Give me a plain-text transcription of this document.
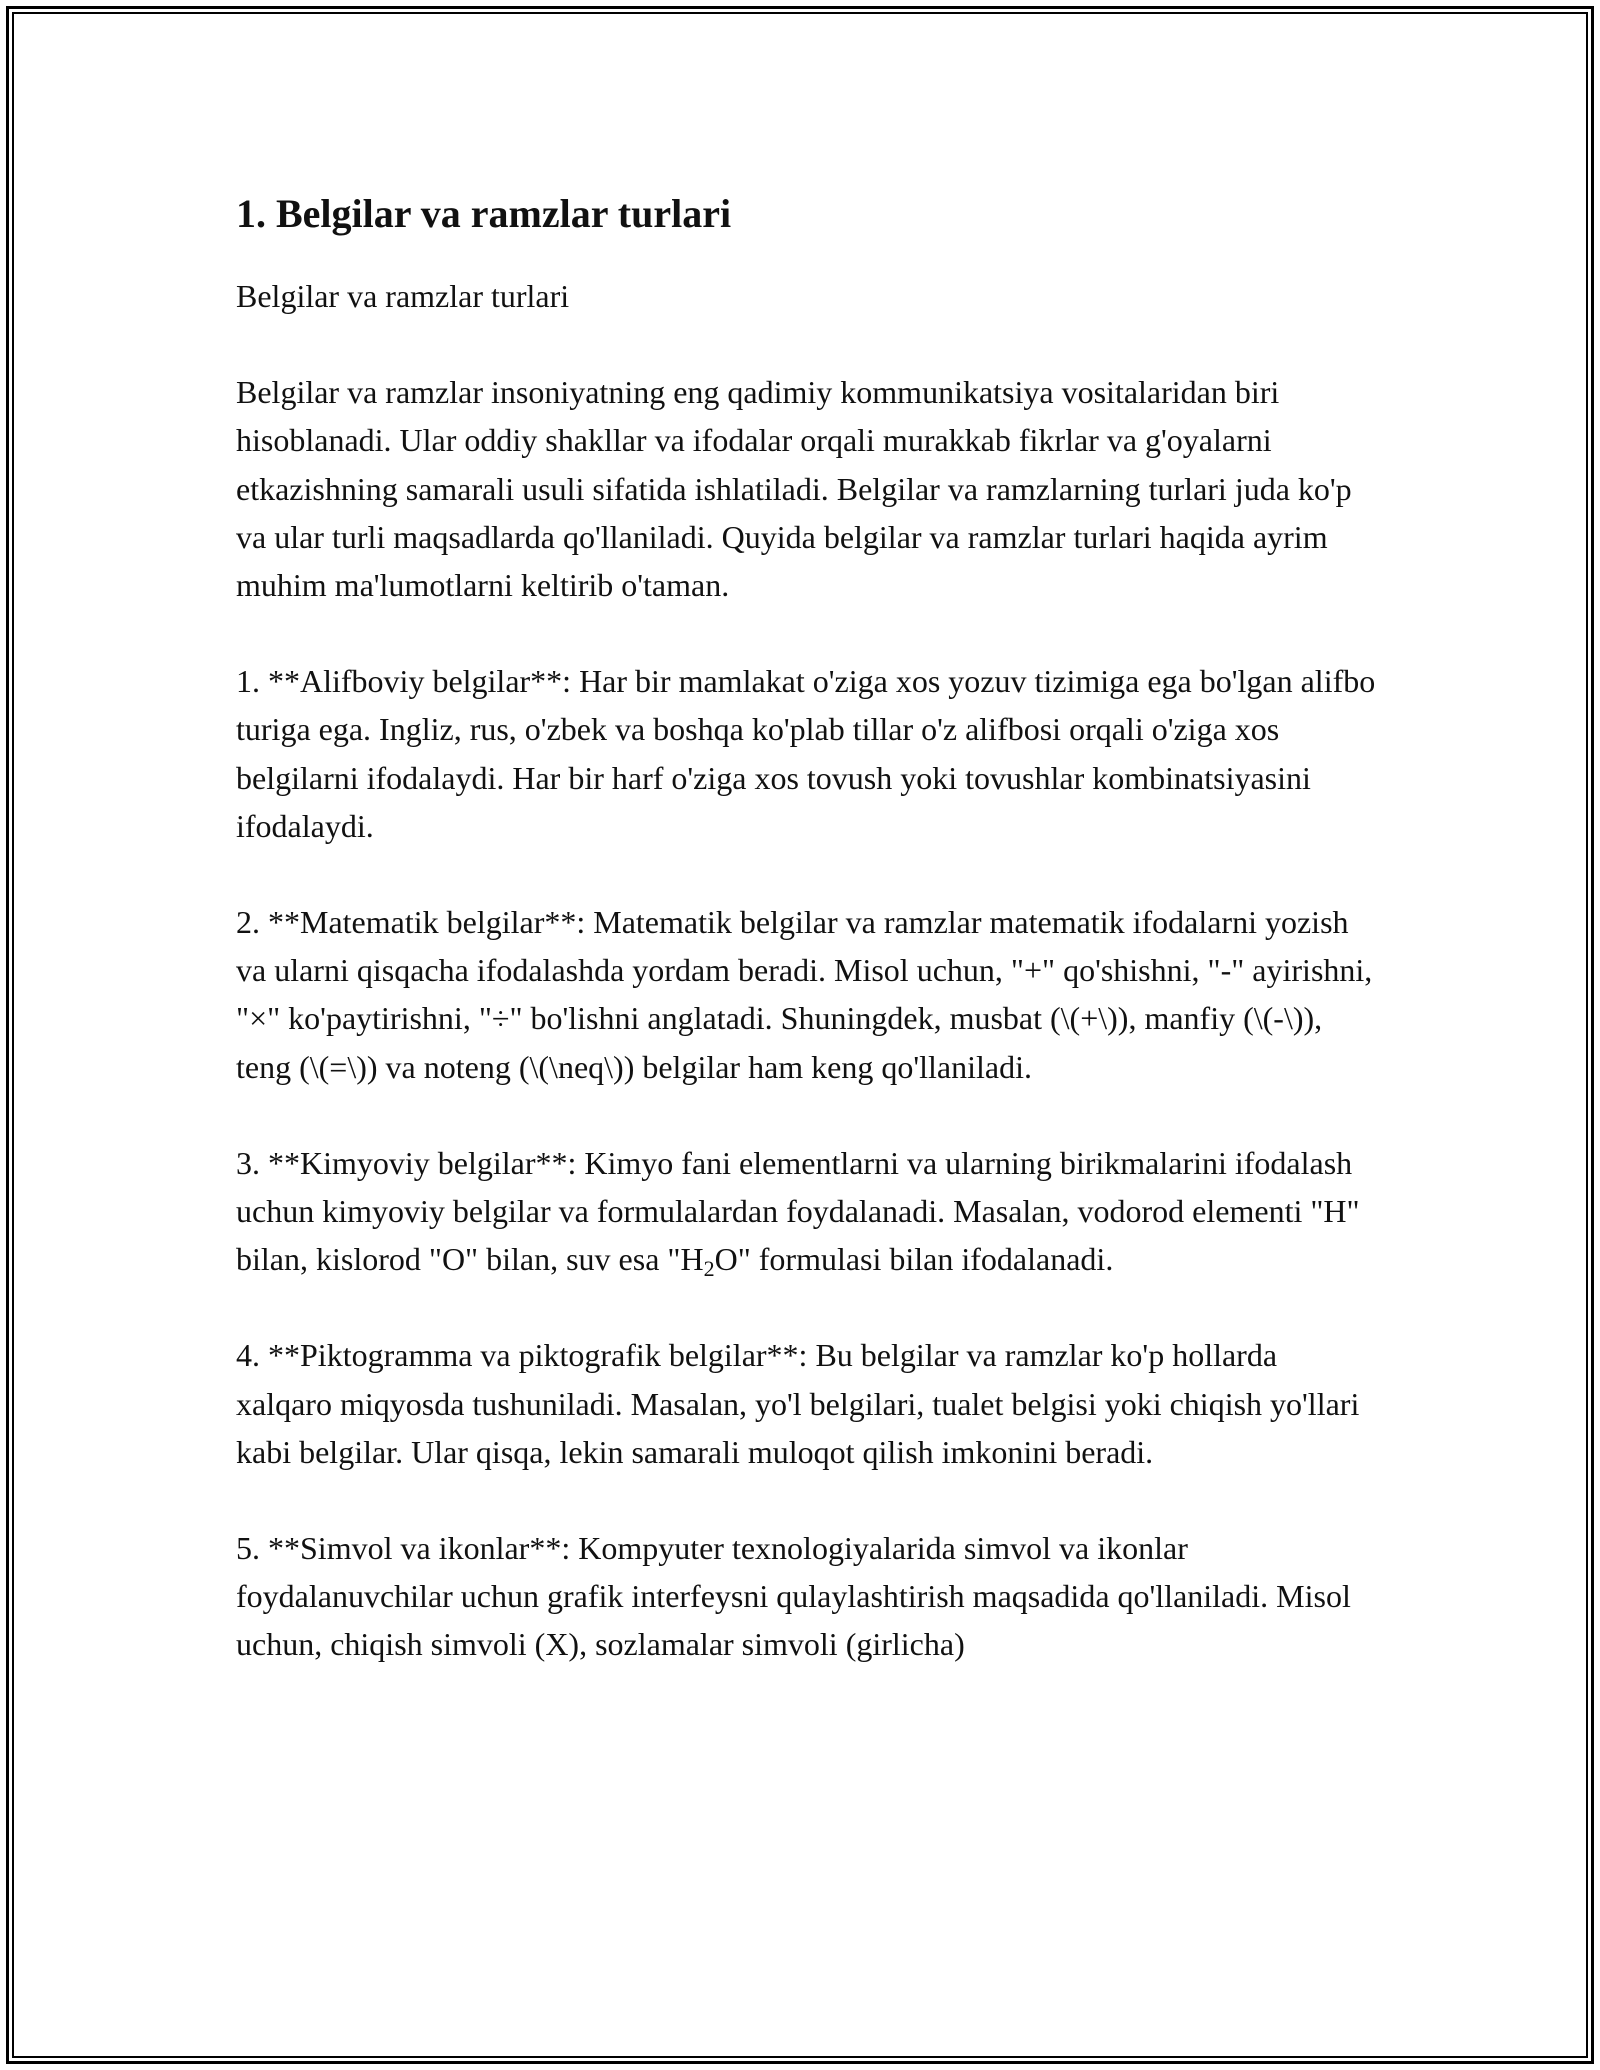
1. Belgilar va ramzlar turlari

Belgilar va ramzlar turlari

Belgilar va ramzlar insoniyatning eng qadimiy kommunikatsiya vositalaridan biri hisoblanadi. Ular oddiy shakllar va ifodalar orqali murakkab fikrlar va g'oyalarni etkazishning samarali usuli sifatida ishlatiladi. Belgilar va ramzlarning turlari juda ko'p va ular turli maqsadlarda qo'llaniladi. Quyida belgilar va ramzlar turlari haqida ayrim muhim ma'lumotlarni keltirib o'taman.

1. **Alifboviy belgilar**: Har bir mamlakat o'ziga xos yozuv tizimiga ega bo'lgan alifbo turiga ega. Ingliz, rus, o'zbek va boshqa ko'plab tillar o'z alifbosi orqali o'ziga xos belgilarni ifodalaydi. Har bir harf o'ziga xos tovush yoki tovushlar kombinatsiyasini ifodalaydi.

2. **Matematik belgilar**: Matematik belgilar va ramzlar matematik ifodalarni yozish va ularni qisqacha ifodalashda yordam beradi. Misol uchun, "+" qo'shishni, "-" ayirishni, "×" ko'paytirishni, "÷" bo'lishni anglatadi. Shuningdek, musbat (\(+\)), manfiy (\(-\)), teng (\(=\)) va noteng (\(\neq\)) belgilar ham keng qo'llaniladi.

3. **Kimyoviy belgilar**: Kimyo fani elementlarni va ularning birikmalarini ifodalash uchun kimyoviy belgilar va formulalardan foydalanadi. Masalan, vodorod elementi "H" bilan, kislorod "O" bilan, suv esa "$H_2O$" formulasi bilan ifodalanadi.

4. **Piktogramma va piktografik belgilar**: Bu belgilar va ramzlar ko'p hollarda xalqaro miqyosda tushuniladi. Masalan, yo'l belgilari, tualet belgisi yoki chiqish yo'llari kabi belgilar. Ular qisqa, lekin samarali muloqot qilish imkonini beradi.

5. **Simvol va ikonlar**: Kompyuter texnologiyalarida simvol va ikonlar foydalanuvchilar uchun grafik interfeysni qulaylashtirish maqsadida qo'llaniladi. Misol uchun, chiqish simvoli (X), sozlamalar simvoli (girlicha)
